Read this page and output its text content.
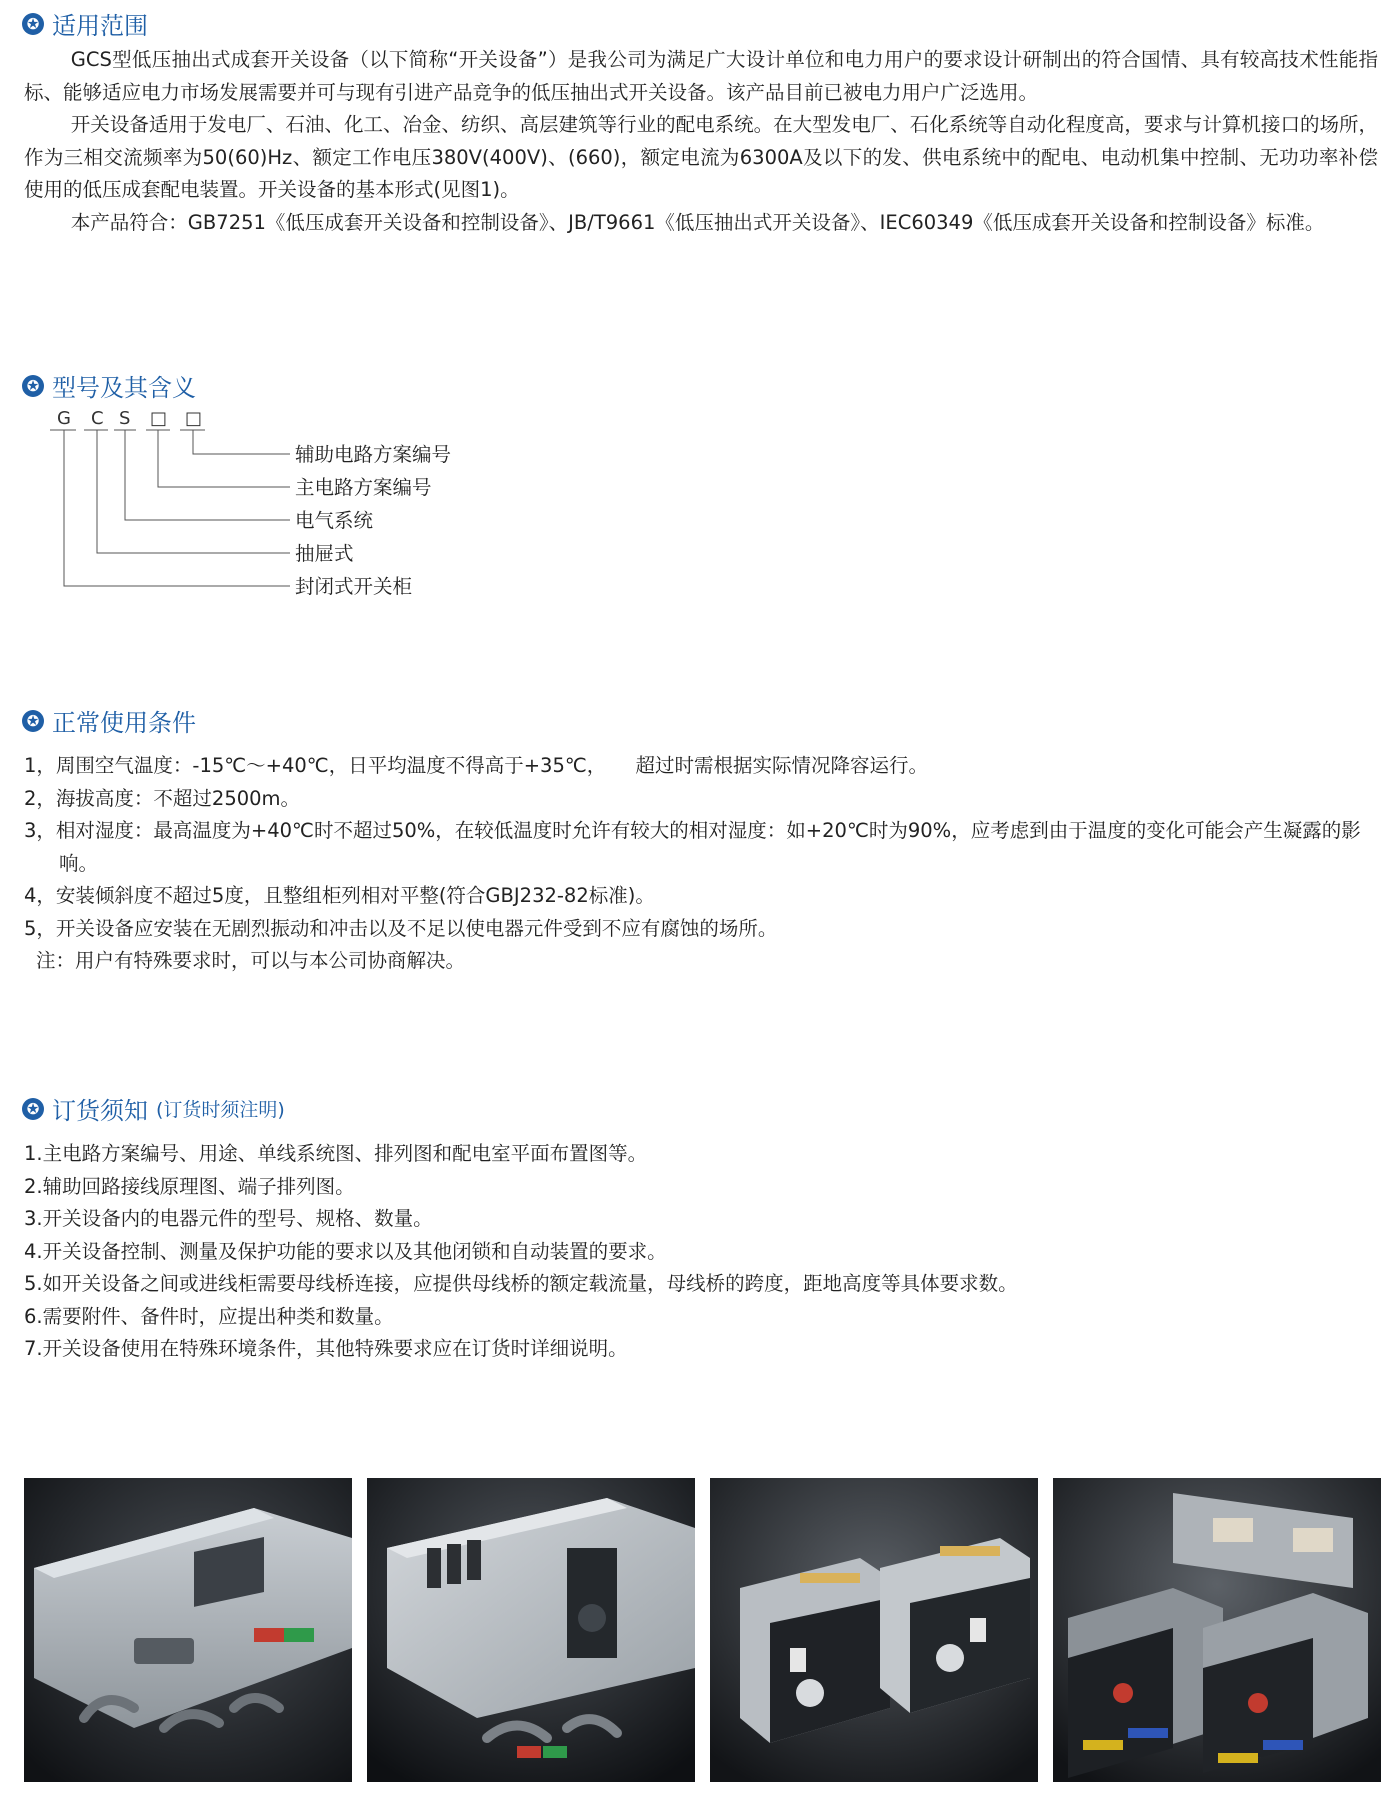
✪ 适用范围

GCS型低压抽出式成套开关设备（以下简称“开关设备”）是我公司为满足广大设计单位和电力用户的要求设计研制出的符合国情、具有较高技术性能指标、能够适应电力市场发展需要并可与现有引进产品竞争的低压抽出式开关设备。该产品目前已被电力用户广泛选用。

开关设备适用于发电厂、石油、化工、冶金、纺织、高层建筑等行业的配电系统。在大型发电厂、石化系统等自动化程度高，要求与计算机接口的场所，作为三相交流频率为50(60)Hz、额定工作电压380V(400V)、(660)，额定电流为6300A及以下的发、供电系统中的配电、电动机集中控制、无功功率补偿使用的低压成套配电装置。开关设备的基本形式(见图1)。

本产品符合：GB7251《低压成套开关设备和控制设备》、JB/T9661《低压抽出式开关设备》、IEC60349《低压成套开关设备和控制设备》标准。

✪ 型号及其含义
G C S □ □
辅助电路方案编号
主电路方案编号
电气系统
抽屉式
封闭式开关柜
✪ 正常使用条件
1，周围空气温度：-15℃～+40℃，日平均温度不得高于+35℃，　　超过时需根据实际情况降容运行。
2，海拔高度：不超过2500m。
3，相对湿度：最高温度为+40℃时不超过50%，在较低温度时允许有较大的相对湿度：如+20℃时为90%，应考虑到由于温度的变化可能会产生凝露的影响。
4，安装倾斜度不超过5度，且整组柜列相对平整(符合GBJ232-82标准)。
5，开关设备应安装在无剧烈振动和冲击以及不足以使电器元件受到不应有腐蚀的场所。
注：用户有特殊要求时，可以与本公司协商解决。
✪ 订货须知 (订货时须注明)
1.主电路方案编号、用途、单线系统图、排列图和配电室平面布置图等。
2.辅助回路接线原理图、端子排列图。
3.开关设备内的电器元件的型号、规格、数量。
4.开关设备控制、测量及保护功能的要求以及其他闭锁和自动装置的要求。
5.如开关设备之间或进线柜需要母线桥连接，应提供母线桥的额定载流量，母线桥的跨度，距地高度等具体要求数。
6.需要附件、备件时，应提出种类和数量。
7.开关设备使用在特殊环境条件，其他特殊要求应在订货时详细说明。
